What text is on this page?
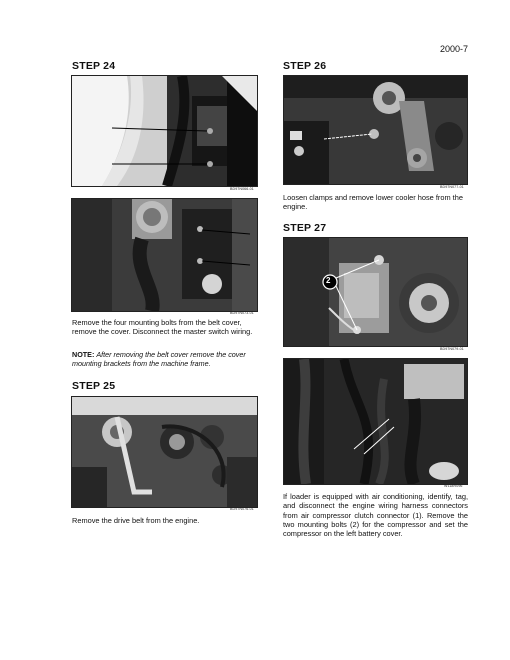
2000-7
STEP 24
BD97N066-01
BD97N073-01
Remove the four mounting bolts from the belt cover, remove the cover. Disconnect the master switch wiring.
NOTE: After removing the belt cover remove the cover mounting brackets from the machine frame.
STEP 25
BD97N076-01
Remove the drive belt from the engine.
STEP 26
BD97N077-01
Loosen clamps and remove lower cooler hose from the engine.
STEP 27
2
BD97N079-01
W118R096
If loader is equipped with air conditioning, identify, tag, and disconnect the engine wiring harness connectors from air compressor clutch connector (1). Remove the two mounting bolts (2) for the compressor and set the compressor on the left battery cover.
